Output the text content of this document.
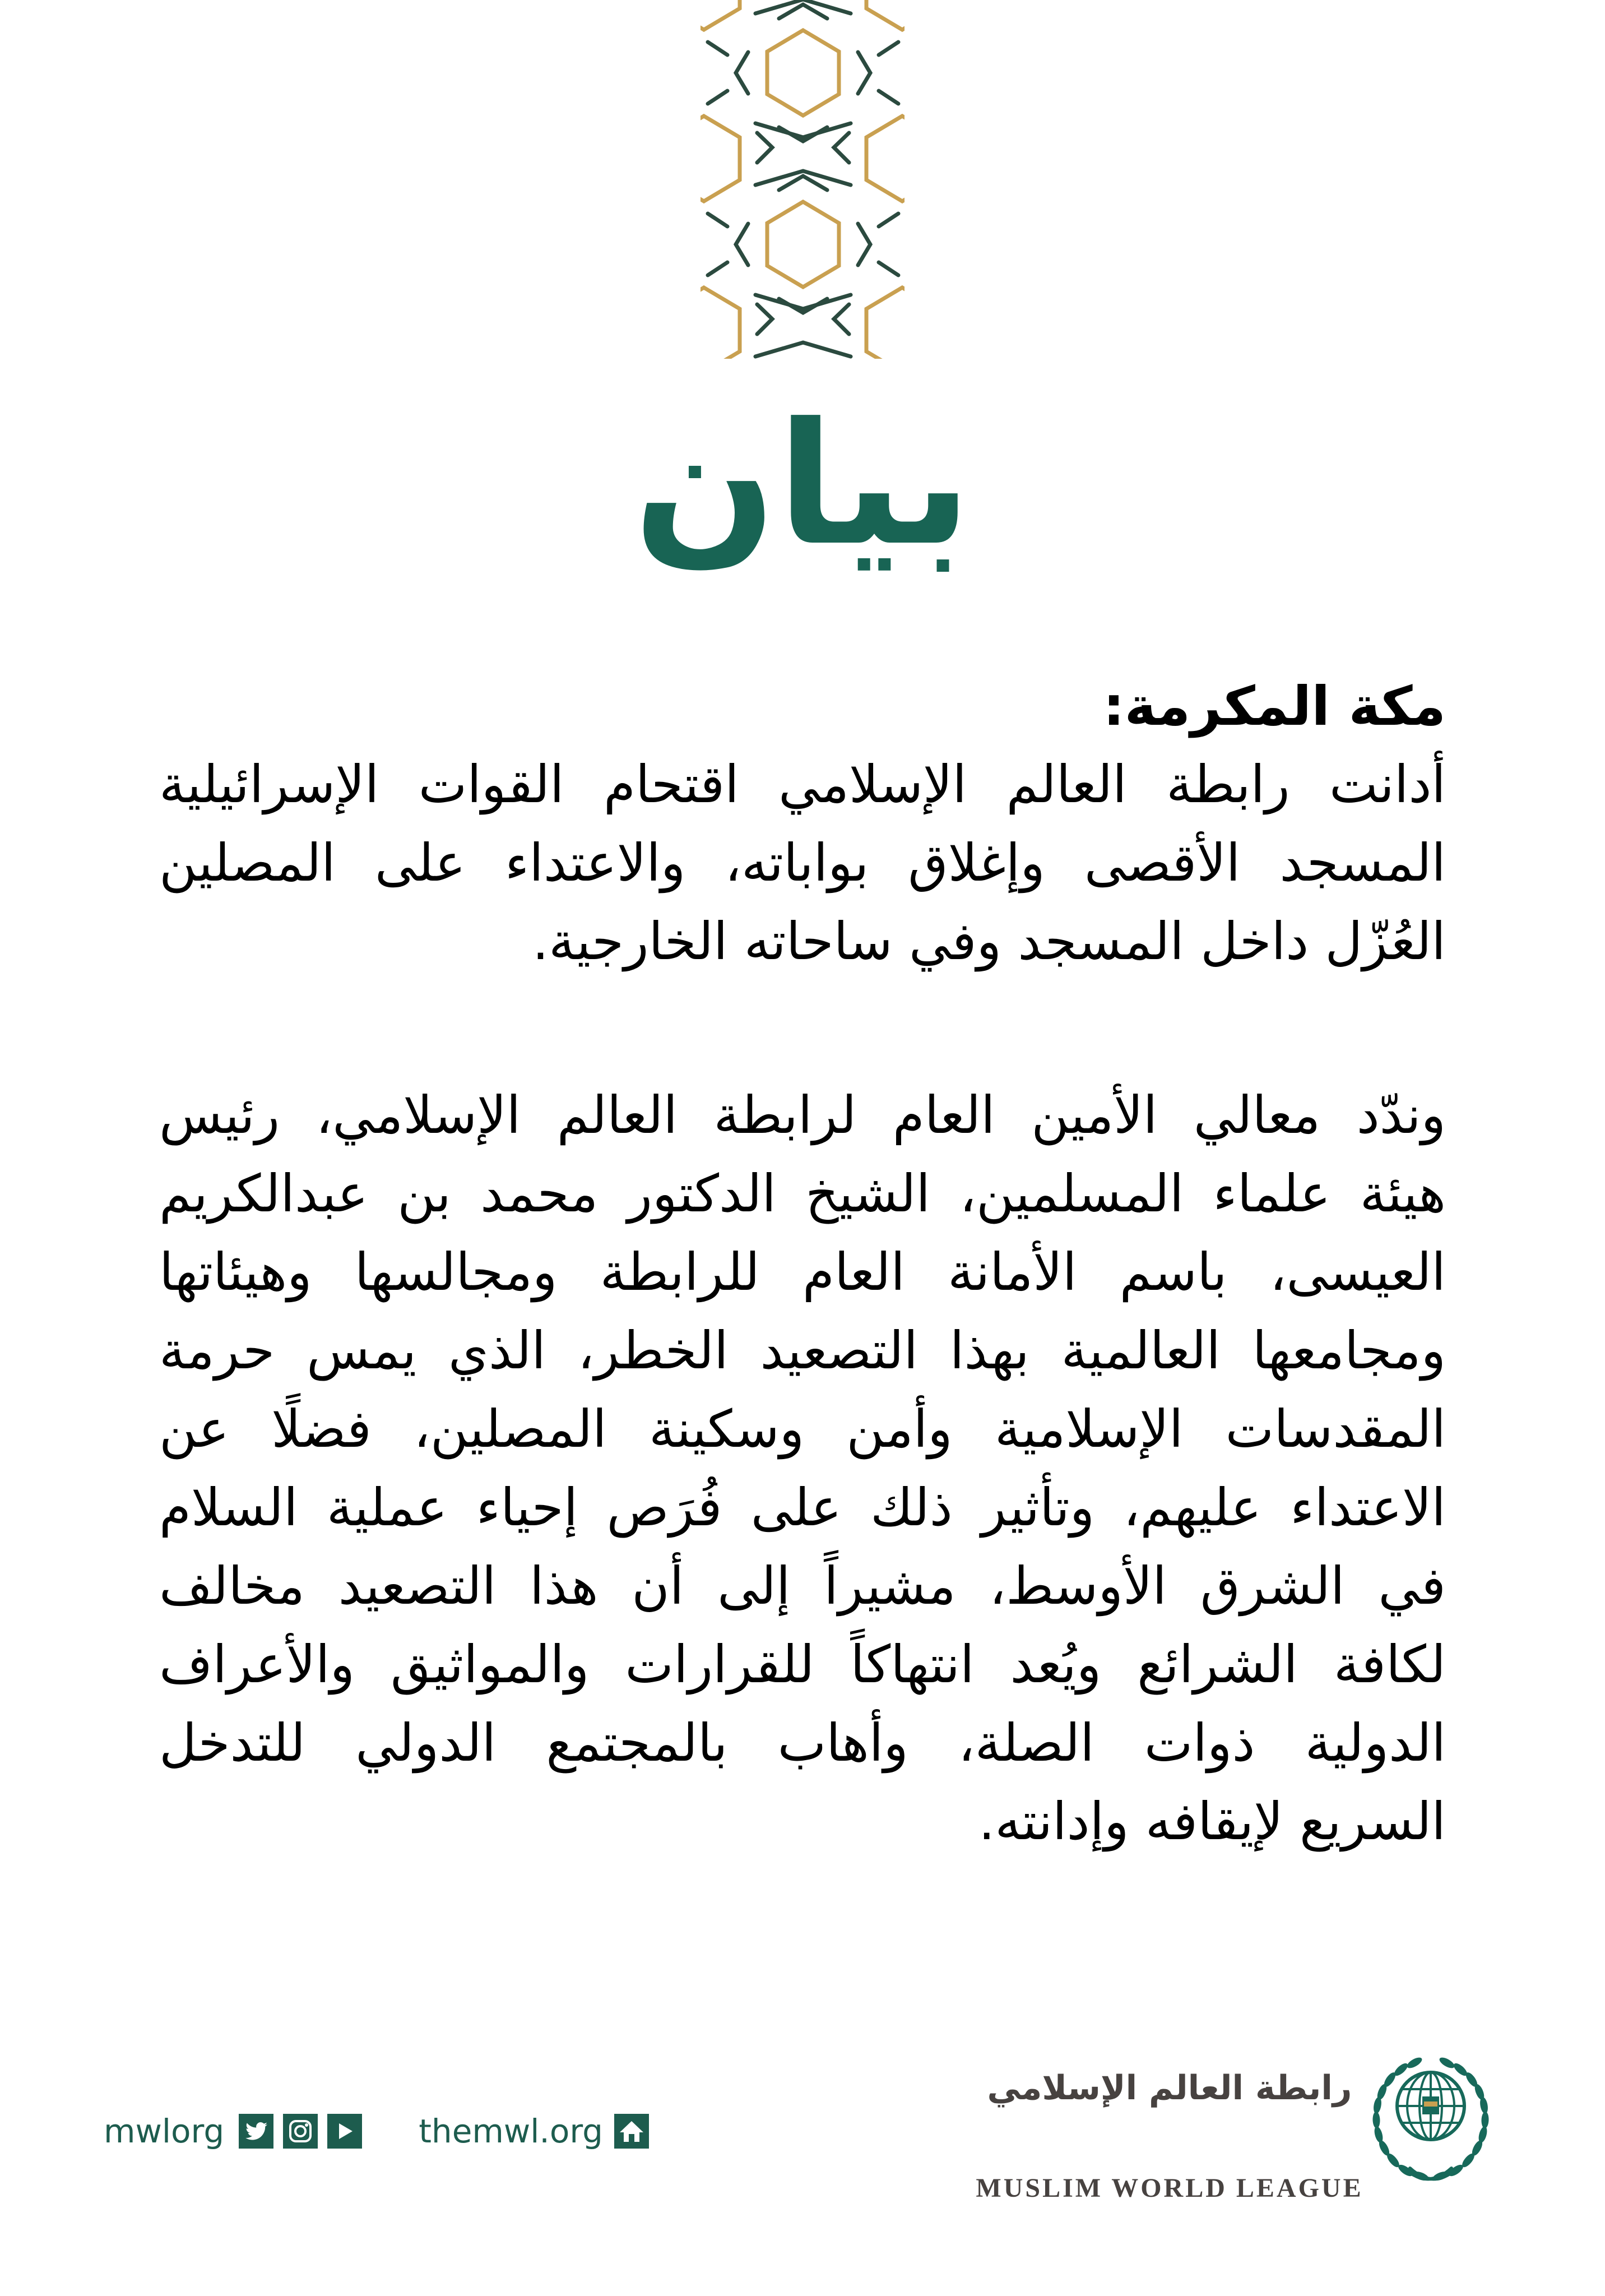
بيان
مكة المكرمة:
أدانت رابطة العالم الإسلامي اقتحام القوات الإسرائيلية
المسجد الأقصى وإغلاق بواباته، والاعتداء على المصلين
العُزّل داخل المسجد وفي ساحاته الخارجية.
وندّد معالي الأمين العام لرابطة العالم الإسلامي، رئيس
هيئة علماء المسلمين، الشيخ الدكتور محمد بن عبدالكريم
العيسى، باسم الأمانة العام للرابطة ومجالسها وهيئاتها
ومجامعها العالمية بهذا التصعيد الخطر، الذي يمس حرمة
المقدسات الإسلامية وأمن وسكينة المصلين، فضلًا عن
الاعتداء عليهم، وتأثير ذلك على فُرَص إحياء عملية السلام
في الشرق الأوسط، مشيراً إلى أن هذا التصعيد مخالف
لكافة الشرائع ويُعد انتهاكاً للقرارات والمواثيق والأعراف
الدولية ذوات الصلة، وأهاب بالمجتمع الدولي للتدخل
السريع لإيقافه وإدانته.
mwlorg	themwl.org
رابطة العالم الإسلامي
MUSLIM WORLD LEAGUE
